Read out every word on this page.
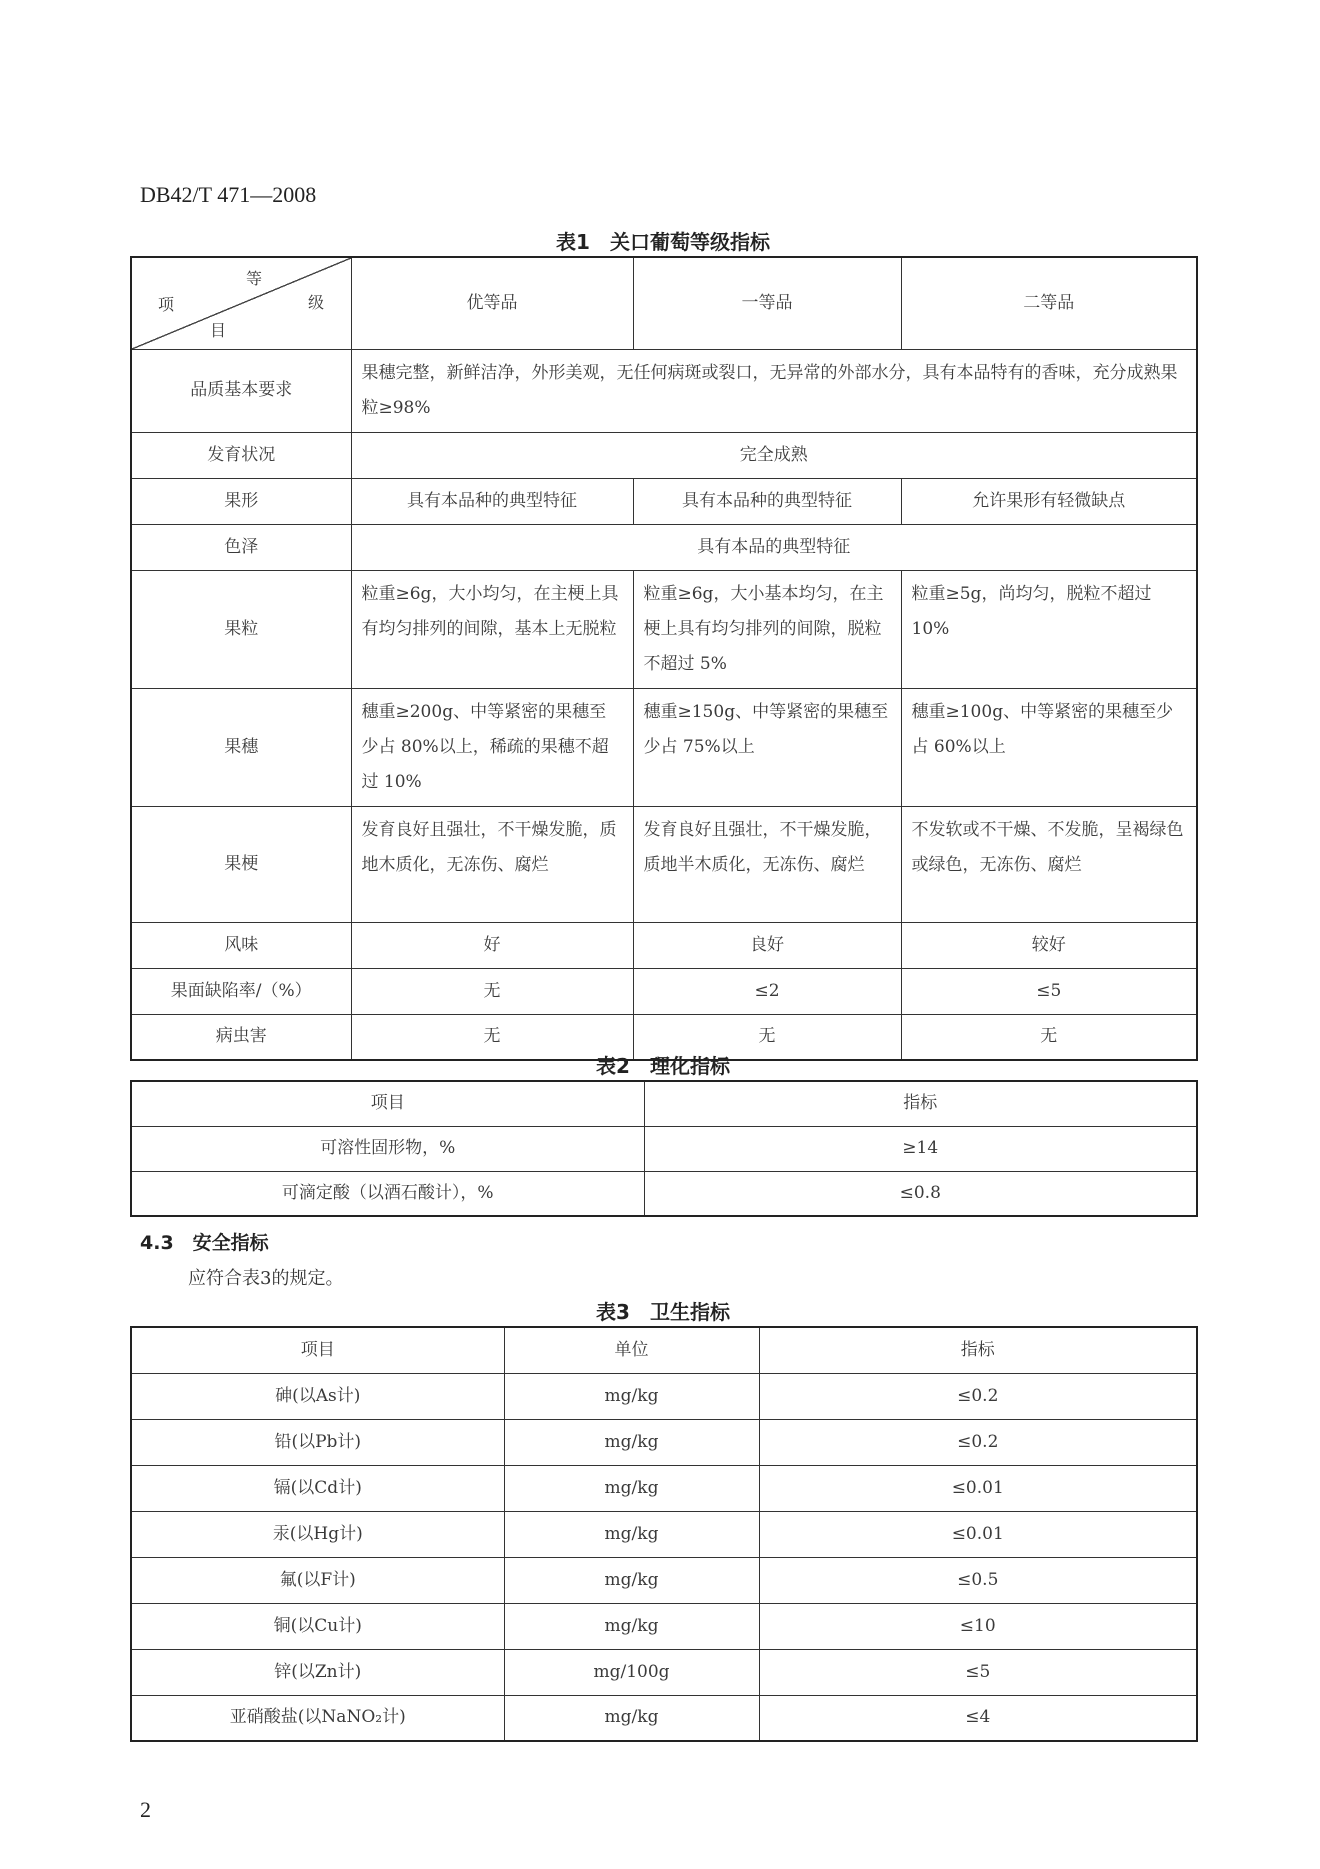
DB42/T 471—2008
表1　关口葡萄等级指标
等
级
项
目	优等品	一等品	二等品
品质基本要求	果穗完整，新鲜洁净，外形美观，无任何病斑或裂口，无异常的外部水分，具有本品特有的香味，充分成熟果粒≥98%		
发育状况	完全成熟		
果形	具有本品种的典型特征	具有本品种的典型特征	允许果形有轻微缺点
色泽	具有本品的典型特征		
果粒	粒重≥6g，大小均匀，在主梗上具有均匀排列的间隙，基本上无脱粒	粒重≥6g，大小基本均匀，在主梗上具有均匀排列的间隙，脱粒不超过 5%	粒重≥5g，尚均匀，脱粒不超过 10%
果穗	穗重≥200g、中等紧密的果穗至少占 80%以上，稀疏的果穗不超过 10%	穗重≥150g、中等紧密的果穗至少占 75%以上	穗重≥100g、中等紧密的果穗至少占 60%以上
果梗	发育良好且强壮，不干燥发脆，质地木质化，无冻伤、腐烂	发育良好且强壮，不干燥发脆，质地半木质化，无冻伤、腐烂	不发软或不干燥、不发脆，呈褐绿色或绿色，无冻伤、腐烂
风味	好	良好	较好
果面缺陷率/（%）	无	≤2	≤5
病虫害	无	无	无
表2　理化指标
项目	指标
可溶性固形物，%	≥14
可滴定酸（以酒石酸计），%	≤0.8
4.3　安全指标
应符合表3的规定。
表3　卫生指标
项目	单位	指标
砷(以As计)	mg/kg	≤0.2
铅(以Pb计)	mg/kg	≤0.2
镉(以Cd计)	mg/kg	≤0.01
汞(以Hg计)	mg/kg	≤0.01
氟(以F计)	mg/kg	≤0.5
铜(以Cu计)	mg/kg	≤10
锌(以Zn计)	mg/100g	≤5
亚硝酸盐(以NaNO₂计)	mg/kg	≤4
2
